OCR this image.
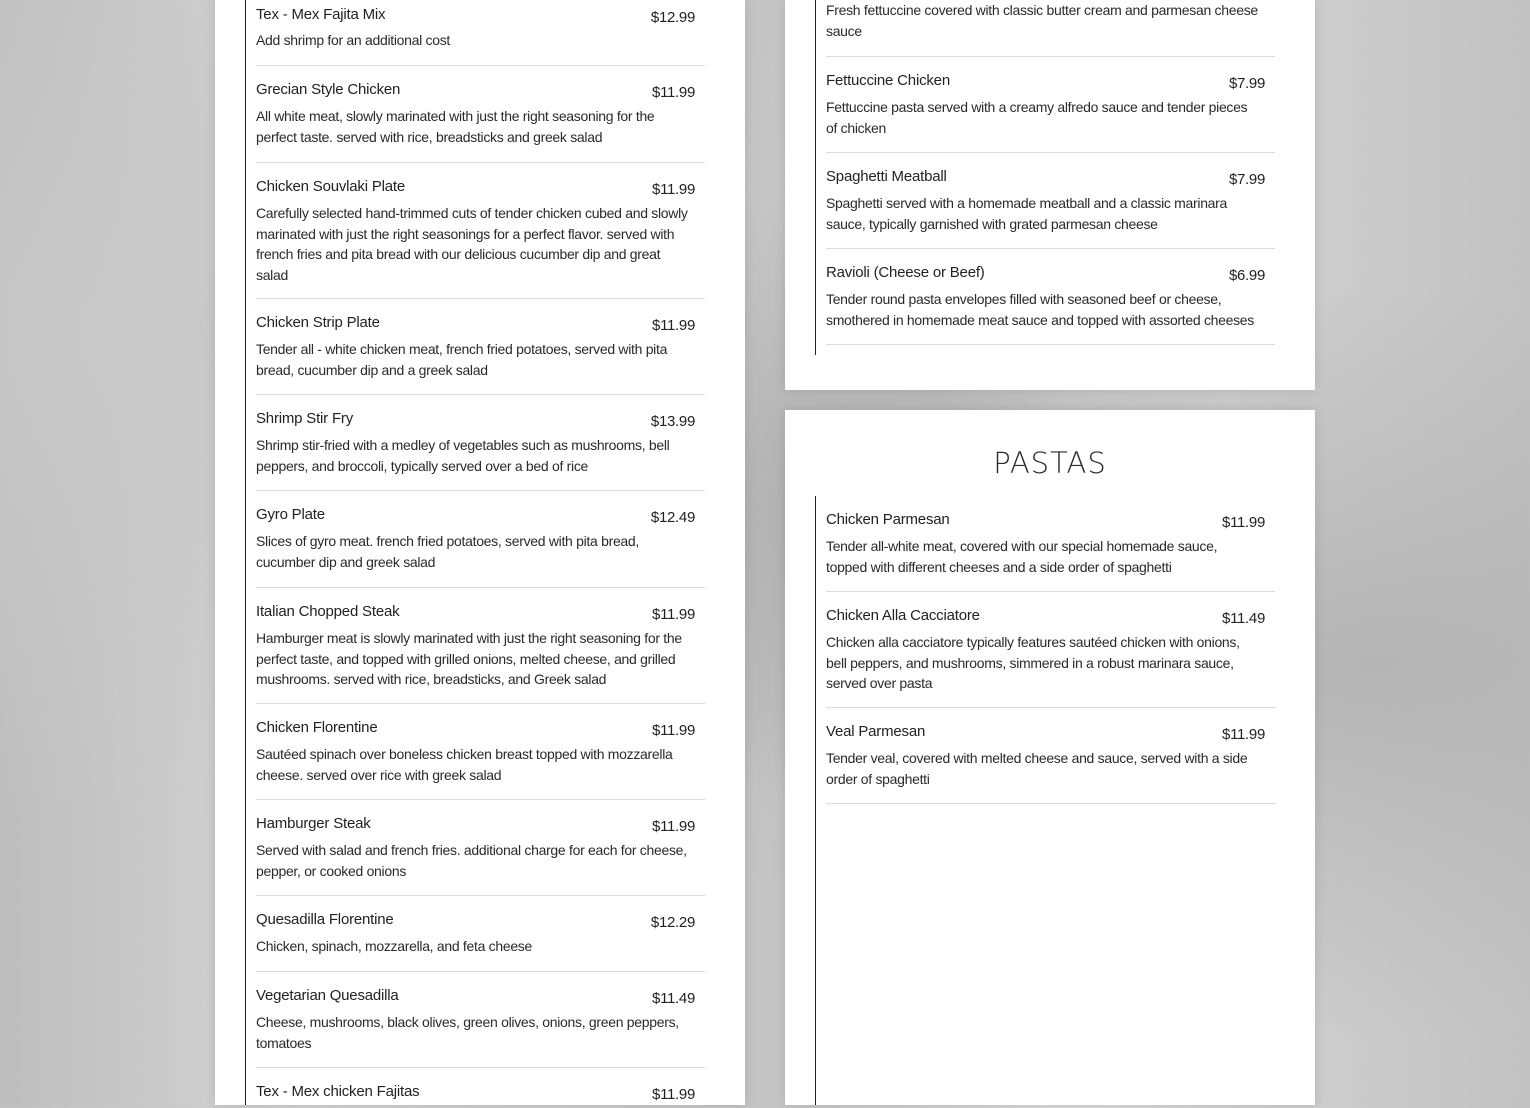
Tex - Mex Fajita Mix	$12.99
Add shrimp for an additional cost
Grecian Style Chicken	$11.99
All white meat, slowly marinated with just the right seasoning for the perfect taste. served with rice, breadsticks and greek salad
Chicken Souvlaki Plate	$11.99
Carefully selected hand-trimmed cuts of tender chicken cubed and slowly marinated with just the right seasonings for a perfect flavor. served with french fries and pita bread with our delicious cucumber dip and great salad
Chicken Strip Plate	$11.99
Tender all - white chicken meat, french fried potatoes, served with pita bread, cucumber dip and a greek salad
Shrimp Stir Fry	$13.99
Shrimp stir-fried with a medley of vegetables such as mushrooms, bell peppers, and broccoli, typically served over a bed of rice
Gyro Plate	$12.49
Slices of gyro meat. french fried potatoes, served with pita bread, cucumber dip and greek salad
Italian Chopped Steak	$11.99
Hamburger meat is slowly marinated with just the right seasoning for the perfect taste, and topped with grilled onions, melted cheese, and grilled mushrooms. served with rice, breadsticks, and Greek salad
Chicken Florentine	$11.99
Sautéed spinach over boneless chicken breast topped with mozzarella cheese. served over rice with greek salad
Hamburger Steak	$11.99
Served with salad and french fries. additional charge for each for cheese, pepper, or cooked onions
Quesadilla Florentine	$12.29
Chicken, spinach, mozzarella, and feta cheese
Vegetarian Quesadilla	$11.49
Cheese, mushrooms, black olives, green olives, onions, green peppers, tomatoes
Tex - Mex chicken Fajitas	$11.99
Fresh fettuccine covered with classic butter cream and parmesan cheese sauce
Fettuccine Chicken	$7.99
Fettuccine pasta served with a creamy alfredo sauce and tender pieces of chicken
Spaghetti Meatball	$7.99
Spaghetti served with a homemade meatball and a classic marinara sauce, typically garnished with grated parmesan cheese
Ravioli (Cheese or Beef)	$6.99
Tender round pasta envelopes filled with seasoned beef or cheese, smothered in homemade meat sauce and topped with assorted cheeses
PASTAS
Chicken Parmesan	$11.99
Tender all-white meat, covered with our special homemade sauce, topped with different cheeses and a side order of spaghetti
Chicken Alla Cacciatore	$11.49
Chicken alla cacciatore typically features sautéed chicken with onions, bell peppers, and mushrooms, simmered in a robust marinara sauce, served over pasta
Veal Parmesan	$11.99
Tender veal, covered with melted cheese and sauce, served with a side order of spaghetti
